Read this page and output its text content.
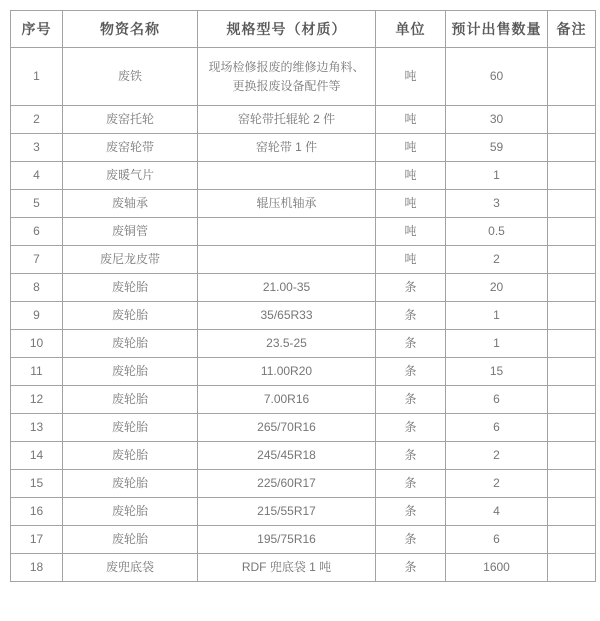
序号	物资名称	规格型号（材质）	单位	预计出售数量	备注
1	废铁	现场检修报废的维修边角料、更换报废设备配件等	吨	60	
2	废窑托轮	窑轮带托辊轮 2 件	吨	30	
3	废窑轮带	窑轮带 1 件	吨	59	
4	废暖气片		吨	1	
5	废轴承	辊压机轴承	吨	3	
6	废铜管		吨	0.5	
7	废尼龙皮带		吨	2	
8	废轮胎	21.00-35	条	20	
9	废轮胎	35/65R33	条	1	
10	废轮胎	23.5-25	条	1	
11	废轮胎	11.00R20	条	15	
12	废轮胎	7.00R16	条	6	
13	废轮胎	265/70R16	条	6	
14	废轮胎	245/45R18	条	2	
15	废轮胎	225/60R17	条	2	
16	废轮胎	215/55R17	条	4	
17	废轮胎	195/75R16	条	6	
18	废兜底袋	RDF 兜底袋 1 吨	条	1600	
